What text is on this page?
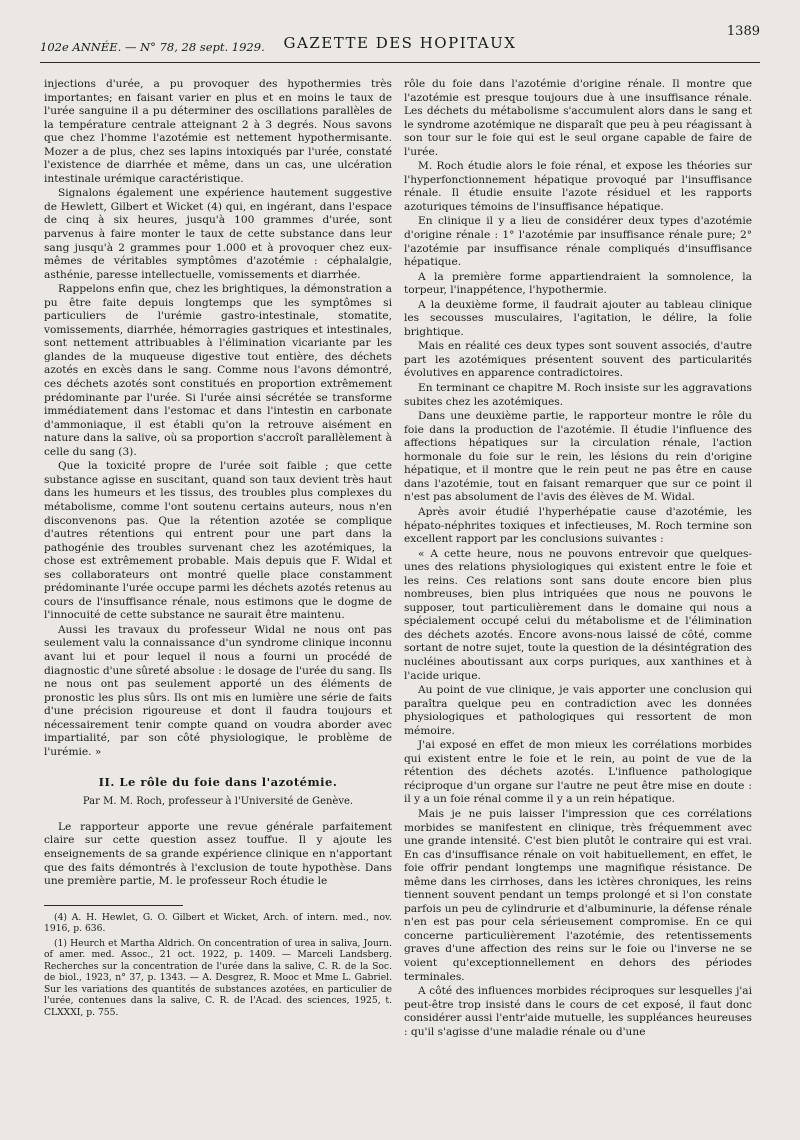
102e ANNÉE. — N° 78, 28 sept. 1929.	GAZETTE DES HOPITAUX
1389

injections d'urée, a pu provoquer des hypothermies très importantes; en faisant varier en plus et en moins le taux de l'urée sanguine il a pu déterminer des oscillations parallèles de la température centrale atteignant 2 à 3 degrés. Nous savons que chez l'homme l'azotémie est nettement hypothermisante. Mozer a de plus, chez ses lapins intoxiqués par l'urée, constaté l'existence de diarrhée et même, dans un cas, une ulcération intestinale urémique caractéristique.

Signalons également une expérience hautement suggestive de Hewlett, Gilbert et Wicket (4) qui, en ingérant, dans l'espace de cinq à six heures, jusqu'à 100 grammes d'urée, sont parvenus à faire monter le taux de cette substance dans leur sang jusqu'à 2 grammes pour 1.000 et à provoquer chez eux-mêmes de véritables symptômes d'azotémie : céphalalgie, asthénie, paresse intellectuelle, vomissements et diarrhée.

Rappelons enfin que, chez les brightiques, la démonstration a pu être faite depuis longtemps que les symptômes si particuliers de l'urémie gastro-intestinale, stomatite, vomissements, diarrhée, hémorragies gastriques et intestinales, sont nettement attribuables à l'élimination vicariante par les glandes de la muqueuse digestive tout entière, des déchets azotés en excès dans le sang. Comme nous l'avons démontré, ces déchets azotés sont constitués en proportion extrêmement prédominante par l'urée. Si l'urée ainsi sécrétée se transforme immédiatement dans l'estomac et dans l'intestin en carbonate d'ammoniaque, il est établi qu'on la retrouve aisément en nature dans la salive, où sa proportion s'accroît parallèlement à celle du sang (3).

Que la toxicité propre de l'urée soit faible ; que cette substance agisse en suscitant, quand son taux devient très haut dans les humeurs et les tissus, des troubles plus complexes du métabolisme, comme l'ont soutenu certains auteurs, nous n'en disconvenons pas. Que la rétention azotée se complique d'autres rétentions qui entrent pour une part dans la pathogénie des troubles survenant chez les azotémiques, la chose est extrêmement probable. Mais depuis que F. Widal et ses collaborateurs ont montré quelle place constamment prédominante l'urée occupe parmi les déchets azotés retenus au cours de l'insuffisance rénale, nous estimons que le dogme de l'innocuité de cette substance ne saurait être maintenu.

Aussi les travaux du professeur Widal ne nous ont pas seulement valu la connaissance d'un syndrome clinique inconnu avant lui et pour lequel il nous a fourni un procédé de diagnostic d'une sûreté absolue : le dosage de l'urée du sang. Ils ne nous ont pas seulement apporté un des éléments de pronostic les plus sûrs. Ils ont mis en lumière une série de faits d'une précision rigoureuse et dont il faudra toujours et nécessairement tenir compte quand on voudra aborder avec impartialité, par son côté physiologique, le problème de l'urémie. »

II. Le rôle du foie dans l'azotémie.
Par M. M. Roch, professeur à l'Université de Genève.

Le rapporteur apporte une revue générale parfaitement claire sur cette question assez touffue. Il y ajoute les enseignements de sa grande expérience clinique en n'apportant que des faits démontrés à l'exclusion de toute hypothèse. Dans une première partie, M. le professeur Roch étudie le

(4) A. H. Hewlet, G. O. Gilbert et Wicket, Arch. of intern. med., nov. 1916, p. 636.

(1) Heurch et Martha Aldrich. On concentration of urea in saliva, Journ. of amer. med. Assoc., 21 oct. 1922, p. 1409. — Marceli Landsberg. Recherches sur la concentration de l'urée dans la salive, C. R. de la Soc. de biol., 1923, n° 37, p. 1343. — A. Desgrez, R. Mooc et Mme L. Gabriel. Sur les variations des quantités de substances azotées, en particulier de l'urée, contenues dans la salive, C. R. de l'Acad. des sciences, 1925, t. CLXXXI, p. 755.

rôle du foie dans l'azotémie d'origine rénale. Il montre que l'azotémie est presque toujours due à une insuffisance rénale. Les déchets du métabolisme s'accumulent alors dans le sang et le syndrome azotémique ne disparaît que peu à peu réagissant à son tour sur le foie qui est le seul organe capable de faire de l'urée.

M. Roch étudie alors le foie rénal, et expose les théories sur l'hyperfonctionnement hépatique provoqué par l'insuffisance rénale. Il étudie ensuite l'azote résiduel et les rapports azoturiques témoins de l'insuffisance hépatique.

En clinique il y a lieu de considérer deux types d'azotémie d'origine rénale : 1° l'azotémie par insuffisance rénale pure; 2° l'azotémie par insuffisance rénale compliqués d'insuffisance hépatique.

A la première forme appartiendraient la somnolence, la torpeur, l'inappétence, l'hypothermie.

A la deuxième forme, il faudrait ajouter au tableau clinique les secousses musculaires, l'agitation, le délire, la folie brightique.

Mais en réalité ces deux types sont souvent associés, d'autre part les azotémiques présentent souvent des particularités évolutives en apparence contradictoires.

En terminant ce chapitre M. Roch insiste sur les aggravations subites chez les azotémiques.

Dans une deuxième partie, le rapporteur montre le rôle du foie dans la production de l'azotémie. Il étudie l'influence des affections hépatiques sur la circulation rénale, l'action hormonale du foie sur le rein, les lésions du rein d'origine hépatique, et il montre que le rein peut ne pas être en cause dans l'azotémie, tout en faisant remarquer que sur ce point il n'est pas absolument de l'avis des élèves de M. Widal.

Après avoir étudié l'hyperhépatie cause d'azotémie, les hépato-néphrites toxiques et infectieuses, M. Roch termine son excellent rapport par les conclusions suivantes :

« A cette heure, nous ne pouvons entrevoir que quelques-unes des relations physiologiques qui existent entre le foie et les reins. Ces relations sont sans doute encore bien plus nombreuses, bien plus intriquées que nous ne pouvons le supposer, tout particulièrement dans le domaine qui nous a spécialement occupé celui du métabolisme et de l'élimination des déchets azotés. Encore avons-nous laissé de côté, comme sortant de notre sujet, toute la question de la désintégration des nucléines aboutissant aux corps puriques, aux xanthines et à l'acide urique.

Au point de vue clinique, je vais apporter une conclusion qui paraîtra quelque peu en contradiction avec les données physiologiques et pathologiques qui ressortent de mon mémoire.

J'ai exposé en effet de mon mieux les corrélations morbides qui existent entre le foie et le rein, au point de vue de la rétention des déchets azotés. L'influence pathologique réciproque d'un organe sur l'autre ne peut être mise en doute : il y a un foie rénal comme il y a un rein hépatique.

Mais je ne puis laisser l'impression que ces corrélations morbides se manifestent en clinique, très fréquemment avec une grande intensité. C'est bien plutôt le contraire qui est vrai. En cas d'insuffisance rénale on voit habituellement, en effet, le foie offrir pendant longtemps une magnifique résistance. De même dans les cirrhoses, dans les ictères chroniques, les reins tiennent souvent pendant un temps prolongé et si l'on constate parfois un peu de cylindrurie et d'albuminurie, la défense rénale n'en est pas pour cela sérieusement compromise. En ce qui concerne particulièrement l'azotémie, des retentissements graves d'une affection des reins sur le foie ou l'inverse ne se voient qu'exceptionnellement en dehors des périodes terminales.

A côté des influences morbides réciproques sur lesquelles j'ai peut-être trop insisté dans le cours de cet exposé, il faut donc considérer aussi l'entr'aide mutuelle, les suppléances heureuses : qu'il s'agisse d'une maladie rénale ou d'une
